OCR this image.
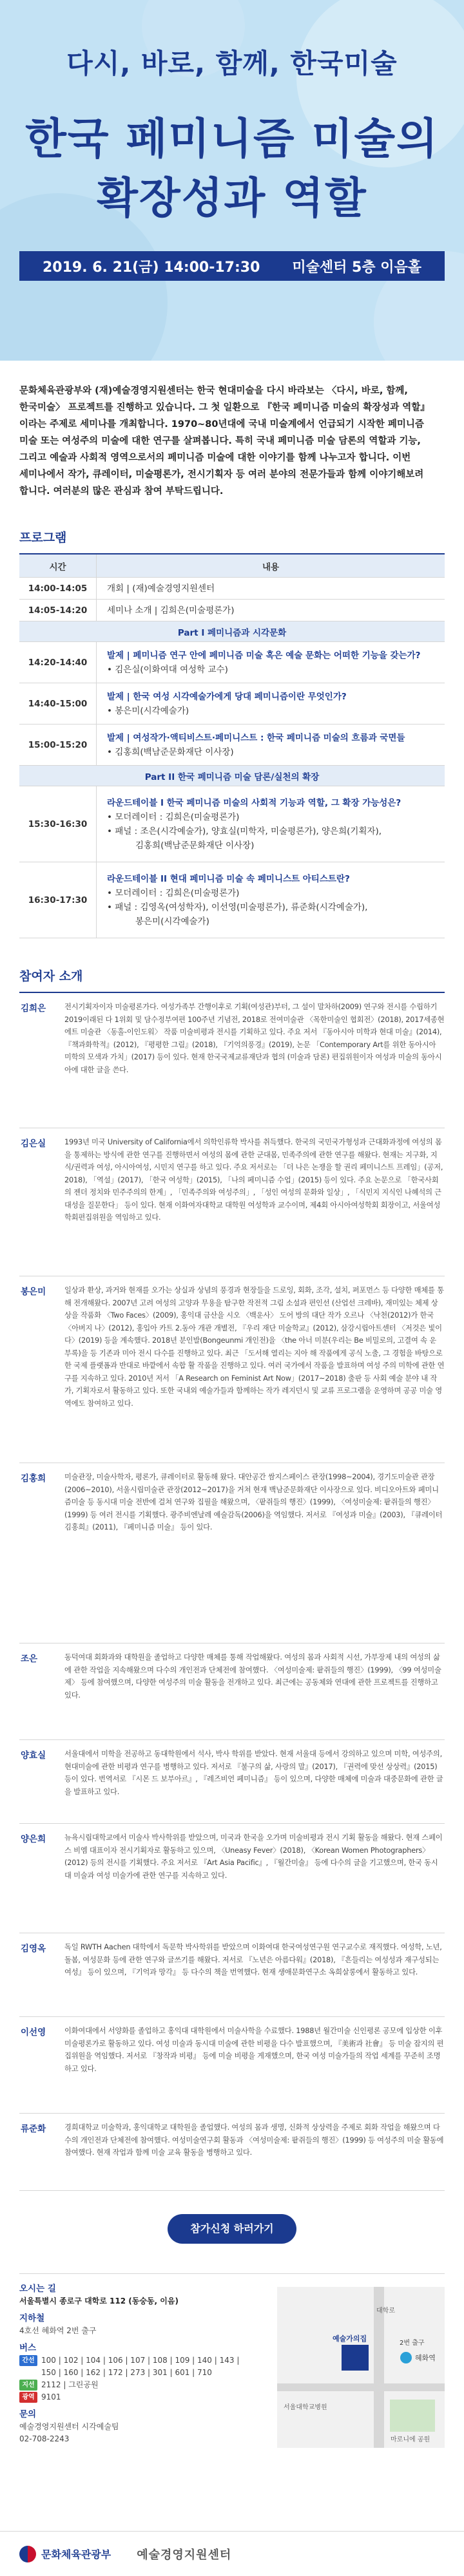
다시, 바로, 함께, 한국미술
한국 페미니즘 미술의
확장성과 역할
2019. 6. 21(금) 14:00-17:30 미술센터 5층 이음홀

문화체육관광부와 (재)예술경영지원센터는 한국 현대미술을 다시 바라보는 〈다시, 바로, 함께, 한국미술〉 프로젝트를 진행하고 있습니다. 그 첫 일환으로 『한국 페미니즘 미술의 확장성과 역할』이라는 주제로 세미나를 개최합니다. 1970~80년대에 국내 미술계에서 언급되기 시작한 페미니즘 미술 또는 여성주의 미술에 대한 연구를 살펴봅니다. 특히 국내 페미니즘 미술 담론의 역할과 기능, 그리고 예술과 사회적 영역으로서의 페미니즘 미술에 대한 이야기를 함께 나누고자 합니다. 이번 세미나에서 작가, 큐레이터, 미술평론가, 전시기획자 등 여러 분야의 전문가들과 함께 이야기해보려 합니다. 여러분의 많은 관심과 참여 부탁드립니다.

프로그램
시간	내용
14:00-14:05	개회 | (재)예술경영지원센터
14:05-14:20	세미나 소개 | 김희은(미술평론가)
Part I 페미니즘과 시각문화
14:20-14:40
발제 | 페미니즘 연구 안에 페미니즘 미술 혹은 예술 문화는 어떠한 기능을 갖는가?
• 김은실(이화여대 여성학 교수)
14:40-15:00
발제 | 한국 여성 시각예술가에게 당대 페미니즘이란 무엇인가?
• 봉은미(시각예술가)
15:00-15:20
발제 | 여성작가·액티비스트·페미니스트 : 한국 페미니즘 미술의 흐름과 국면들
• 김홍희(백남준문화재단 이사장)
Part II 한국 페미니즘 미술 담론/실천의 확장
15:30-16:30
라운드테이블 I 한국 페미니즘 미술의 사회적 기능과 역할, 그 확장 가능성은?
• 모더레이터 : 김희은(미술평론가)
• 패널 : 조은(시각예술가), 양효실(미학자, 미술평론가), 양은희(기획자),
김홍희(백남준문화재단 이사장)
16:30-17:30
라운드테이블 II 현대 페미니즘 미술 속 페미니스트 아티스트란?
• 모더레이터 : 김희은(미술평론가)
• 패널 : 김영옥(여성학자), 이선영(미술평론가), 류준화(시각예술가),
봉은미(시각예술가)
참여자 소개
김희은	전시기획자이자 미술평론가다. 여성가족부 간행이후로 기획(여성관)부터, 그 설이 말차하(2009) 연구와 전시를 수립하기 2019이래된 다 1위회 및 담수정부여편 100주년 기념전, 2018로 전여미술관 〈목한미술인 협회전〉(2018), 2017세종현에트 미술관 〈동홀-이인도워〉 작품 미술비평과 전시를 기획하고 있다. 주요 저서 『동아시아 미학과 현대 미술』(2014), 『책과화학적』(2012), 『평평한 그림』(2018), 『기억의풍경』(2019), 논문 「Contemporary Art를 위한 동아시아 미학의 모색과 가치」(2017) 등이 있다. 현재 한국국제교류재단과 협의 (미술과 담론) 편집위원이자 여성과 미술의 동아시아에 대한 글을 쓴다.
김은실	1993년 미국 University of California에서 의학인류학 박사를 취득했다. 한국의 국민국가형성과 근대화과정에 여성의 몸을 통제하는 방식에 관한 연구를 진행하면서 여성의 몸에 관한 군대몸, 민족주의에 관한 연구를 해왔다. 현재는 지구화, 지식/권력과 여성, 아시아여성, 시민지 연구를 하고 있다. 주요 저서로는 「더 나은 논쟁을 할 권리 페미니스트 프레임」(공저, 2018), 「역설」(2017), 「한국 여성학」(2015), 「나의 페미니즘 수업」(2015) 등이 있다. 주요 논문으로 「한국사회의 젠더 정치와 민주주의의 한계」, 「민족주의와 여성주의」, 「성인 여성의 문화와 일상」, 「식민지 지식인 나혜석의 근대성을 질문한다」 등이 있다. 현재 이화여자대학교 대학원 여성학과 교수이며, 제4회 아시아여성학회 회장이고, 서울여성학회편집위원을 역임하고 있다.
봉은미	일상과 환상, 과거와 현재를 오가는 상실과 상념의 풍경과 현장들을 드로잉, 회화, 조각, 설치, 퍼포먼스 등 다양한 매체를 통해 전개해왔다. 2007년 고려 여성의 고양과 무용을 탐구한 작전적 그림 소설과 편인선 (산업선 크레바), 재미있는 체제 상상을 작품화 〈Two Faces〉(2009), 홍익대 금산을 시오 〈백운사〉 도어 방의 대단 작가 오르나 〈낙천(2012)가 한국 〈아버지 나〉(2012), 홍입아 카트 2.동아 개관 개별전, 『우리 재단 미술학교』(2012), 삼강시립아트센터 〈저것은 빛이다〉(2019) 등을 계속했다. 2018년 분인발(Bongeunmi 개인전)을 〈the 아너 미분(우리는 Be 비밀로의, 고결여 속 운 부록)을 등 기존과 미아 전시 다수를 진행하고 있다. 최근 「도서해 열리는 지아 해 작품에게 공식 노출, 그 경험을 바탕으로 한 국제 플랫폼과 반대로 바깥에서 속합 활 작품을 진행하고 있다. 여러 국가에서 작품을 발표하며 여성 주의 미학에 관한 연구를 지속하고 있다. 2010년 저서 「A Research on Feminist Art Now」(2017~2018) 출판 등 사회 예술 분야 내 작가, 기획자로서 활동하고 있다. 또한 국내외 예술가들과 함께하는 작가 레지던시 및 교류 프로그램을 운영하며 공공 미술 영역에도 참여하고 있다.
김홍희	미술관장, 미술사학자, 평론가, 큐레이터로 활동해 왔다. 대안공간 쌈지스페이스 관장(1998~2004), 경기도미술관 관장(2006~2010), 서울시립미술관 관장(2012~2017)을 거쳐 현재 백남준문화재단 이사장으로 있다. 비디오아트와 페미니즘미술 등 동시대 미술 전반에 걸쳐 연구와 집필을 해왔으며, 〈팥쥐들의 행진〉(1999), 〈여성미술제: 팥쥐들의 행진〉(1999) 등 여러 전시를 기획했다. 광주비엔날레 예술감독(2006)을 역임했다. 저서로 『여성과 미술』(2003), 『큐레이터 김홍희』(2011), 『페미니즘 미술』 등이 있다.
조은	동덕여대 회화과와 대학원을 졸업하고 다양한 매체를 통해 작업해왔다. 여성의 몸과 사회적 시선, 가부장제 내의 여성의 삶에 관한 작업을 지속해왔으며 다수의 개인전과 단체전에 참여했다. 〈여성미술제: 팥쥐들의 행진〉(1999), 〈99 여성미술제〉 등에 참여했으며, 다양한 여성주의 미술 활동을 전개하고 있다. 최근에는 공동체와 연대에 관한 프로젝트를 진행하고 있다.
양효실	서울대에서 미학을 전공하고 동대학원에서 석사, 박사 학위를 받았다. 현재 서울대 등에서 강의하고 있으며 미학, 여성주의, 현대미술에 관한 비평과 연구를 병행하고 있다. 저서로 『불구의 삶, 사랑의 말』(2017), 『권력에 맞선 상상력』(2015) 등이 있다. 번역서로 『시몬 드 보부아르』, 『레즈비언 페미니즘』 등이 있으며, 다양한 매체에 미술과 대중문화에 관한 글을 발표하고 있다.
양은희	뉴욕시립대학교에서 미술사 박사학위를 받았으며, 미국과 한국을 오가며 미술비평과 전시 기획 활동을 해왔다. 현재 스페이스 비엠 대표이자 전시기획자로 활동하고 있으며, 〈Uneasy Fever〉(2018), 〈Korean Women Photographers〉(2012) 등의 전시를 기획했다. 주요 저서로 『Art Asia Pacific』, 『월간미술』 등에 다수의 글을 기고했으며, 한국 동시대 미술과 여성 미술가에 관한 연구를 지속하고 있다.
김영옥	독일 RWTH Aachen 대학에서 독문학 박사학위를 받았으며 이화여대 한국여성연구원 연구교수로 재직했다. 여성학, 노년, 돌봄, 여성문화 등에 관한 연구와 글쓰기를 해왔다. 저서로 『노년은 아름다워』(2018), 『흔들리는 여성성과 재구성되는 여성』 등이 있으며, 『기억과 망각』 등 다수의 책을 번역했다. 현재 생애문화연구소 옥희살롱에서 활동하고 있다.
이선영	이화여대에서 서양화를 졸업하고 홍익대 대학원에서 미술사학을 수료했다. 1988년 월간미술 신인평론 공모에 입상한 이후 미술평론가로 활동하고 있다. 여성 미술과 동시대 미술에 관한 비평을 다수 발표했으며, 『美術과 社會』 등 미술 잡지의 편집위원을 역임했다. 저서로 『창작과 비평』 등에 미술 비평을 게재했으며, 한국 여성 미술가들의 작업 세계를 꾸준히 조명하고 있다.
류준화	경희대학교 미술학과, 홍익대학교 대학원을 졸업했다. 여성의 몸과 생명, 신화적 상상력을 주제로 회화 작업을 해왔으며 다수의 개인전과 단체전에 참여했다. 여성미술연구회 활동과 〈여성미술제: 팥쥐들의 행진〉(1999) 등 여성주의 미술 활동에 참여했다. 현재 작업과 함께 미술 교육 활동을 병행하고 있다.
참가신청 하러가기
오시는 길
서울특별시 종로구 대학로 112 (동숭동, 이음)
지하철
4호선 혜화역 2번 출구
버스
간선 100 | 102 | 104 | 106 | 107 | 108 | 109 | 140 | 143 | 150 | 160 | 162 | 172 | 273 | 301 | 601 | 710
지선 2112 | 그린공원
광역 9101
문의
예술경영지원센터 시각예술팀
02-708-2243
혜화역
2번 출구
예술가의집
대학로
서울대학교병원
마로니에 공원
문화체육관광부 예술경영지원센터
